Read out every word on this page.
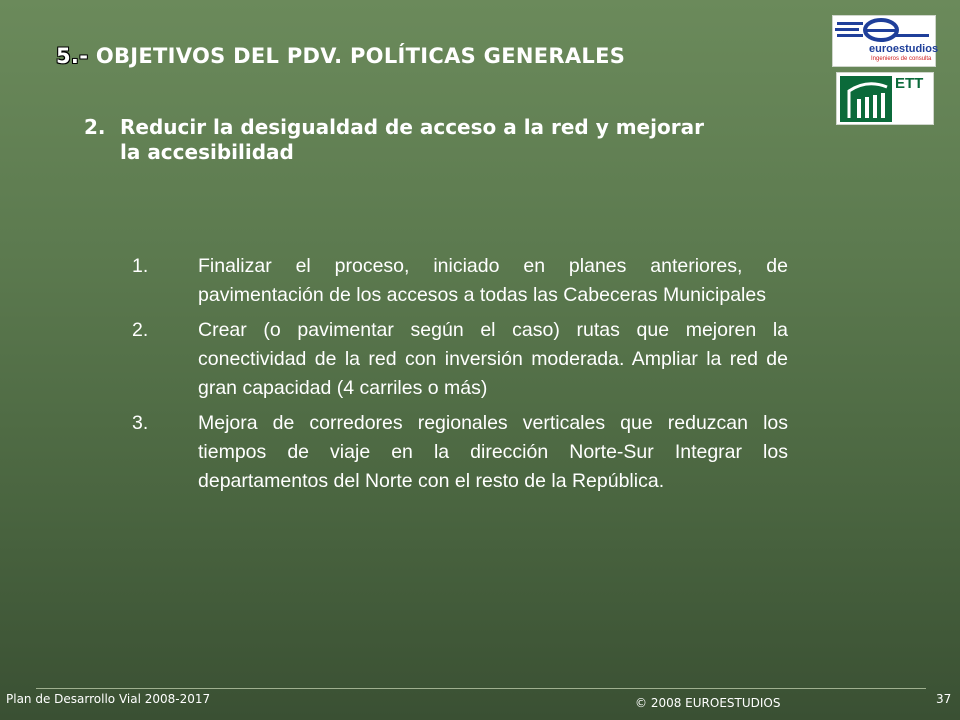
5.- OBJETIVOS DEL PDV. POLÍTICAS GENERALES
2. Reducir la desigualdad de acceso a la red y mejorar la accesibilidad
euroestudios
Ingenieros de consulta
ETT
1.	Finalizar el proceso, iniciado en planes anteriores, de pavimentación de los accesos a todas las Cabeceras Municipales
2.	Crear (o pavimentar según el caso) rutas que mejoren la conectividad de la red con inversión moderada. Ampliar la red de gran capacidad (4 carriles o más)
3.	Mejora de corredores regionales verticales que reduzcan los tiempos de viaje en la dirección Norte-Sur Integrar los departamentos del Norte con el resto de la República.
Plan de Desarrollo Vial 2008-2017	© 2008 EUROESTUDIOS	37
